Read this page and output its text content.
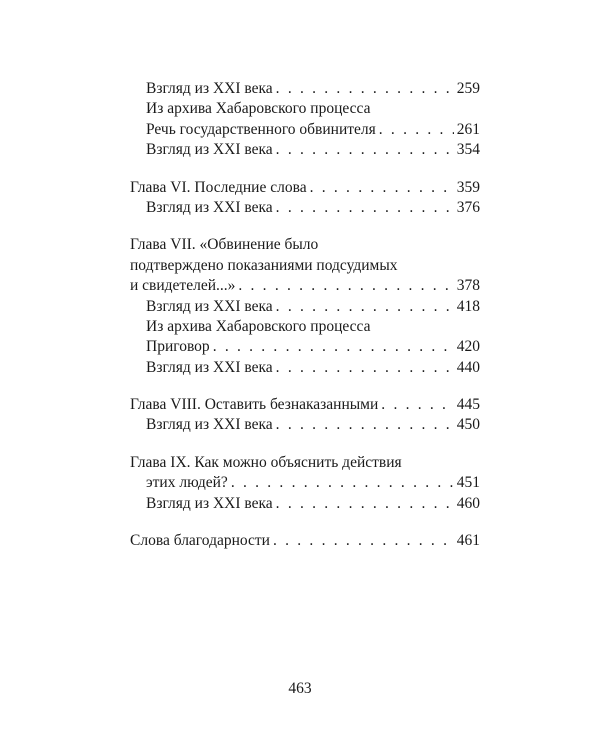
Взгляд из XXI века . . .	259
Из архива Хабаровского процесса
Речь государственного обвинителя . . .	261
Взгляд из XXI века . . .	354
Глава VI. Последние слова . . .	359
Взгляд из XXI века . . .	376
Глава VII. «Обвинение было
подтверждено показаниями подсудимых
и свидетелей...» . . .	378
Взгляд из XXI века . . .	418
Из архива Хабаровского процесса
Приговор . . .	420
Взгляд из XXI века . . .	440
Глава VIII. Оставить безнаказанными . . .	445
Взгляд из XXI века . . .	450
Глава IX. Как можно объяснить действия
этих людей? . . .	451
Взгляд из XXI века . . .	460
Слова благодарности . . .	461
463
